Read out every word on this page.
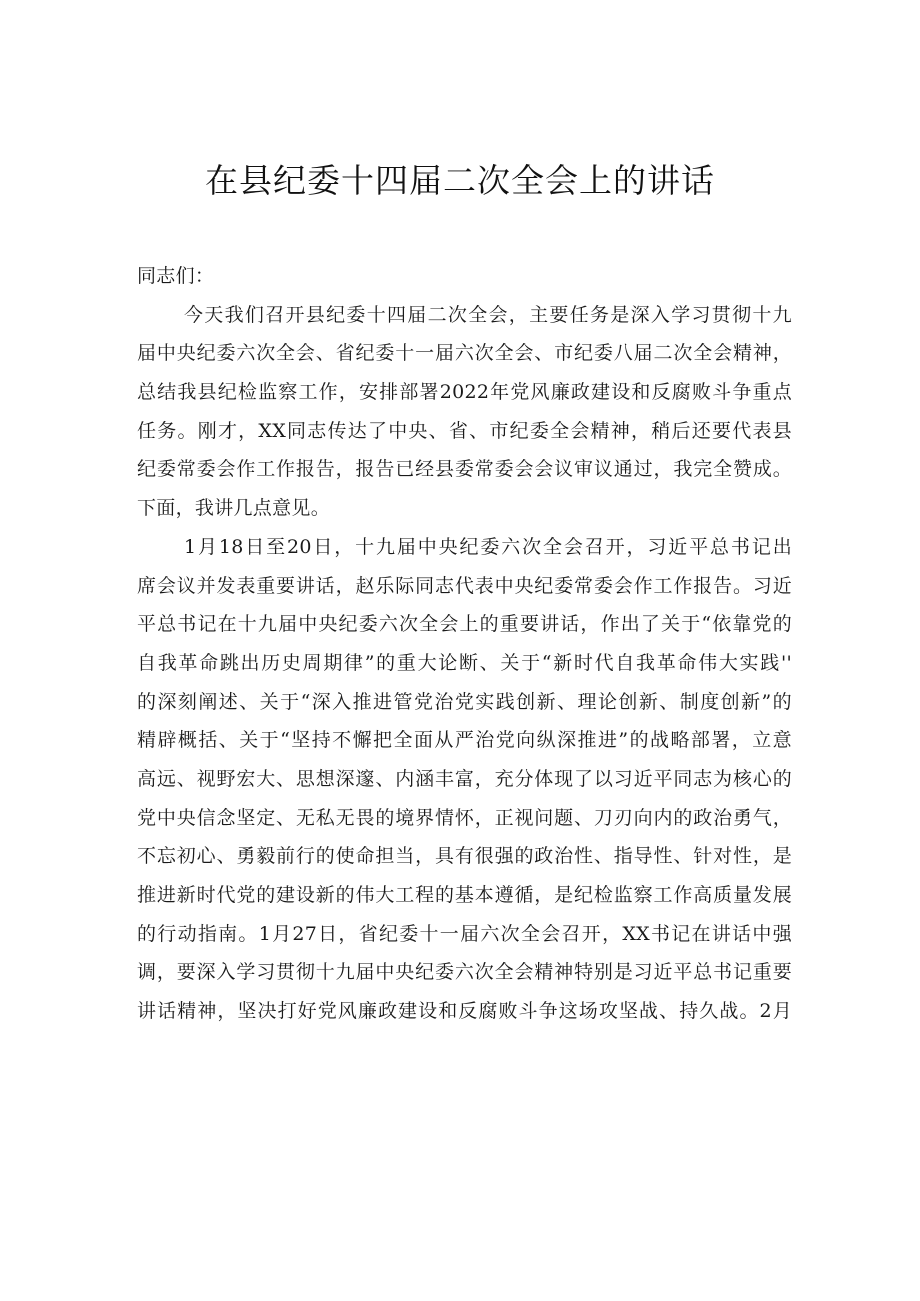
在县纪委十四届二次全会上的讲话
同志们：
今天我们召开县纪委十四届二次全会，主要任务是深入学习贯彻十九
届中央纪委六次全会、省纪委十一届六次全会、市纪委八届二次全会精神，
总结我县纪检监察工作，安排部署2022年党风廉政建设和反腐败斗争重点
任务。刚才，XX同志传达了中央、省、市纪委全会精神，稍后还要代表县
纪委常委会作工作报告，报告已经县委常委会会议审议通过，我完全赞成。
下面，我讲几点意见。
1月18日至20日，十九届中央纪委六次全会召开，习近平总书记出
席会议并发表重要讲话，赵乐际同志代表中央纪委常委会作工作报告。习近
平总书记在十九届中央纪委六次全会上的重要讲话，作出了关于“依靠党的
自我革命跳出历史周期律”的重大论断、关于“新时代自我革命伟大实践''
的深刻阐述、关于“深入推进管党治党实践创新、理论创新、制度创新”的
精辟概括、关于“坚持不懈把全面从严治党向纵深推进”的战略部署，立意
高远、视野宏大、思想深邃、内涵丰富，充分体现了以习近平同志为核心的
党中央信念坚定、无私无畏的境界情怀，正视问题、刀刃向内的政治勇气，
不忘初心、勇毅前行的使命担当，具有很强的政治性、指导性、针对性，是
推进新时代党的建设新的伟大工程的基本遵循，是纪检监察工作高质量发展
的行动指南。1月27日，省纪委十一届六次全会召开，XX书记在讲话中强
调，要深入学习贯彻十九届中央纪委六次全会精神特别是习近平总书记重要
讲话精神，坚决打好党风廉政建设和反腐败斗争这场攻坚战、持久战。2月
